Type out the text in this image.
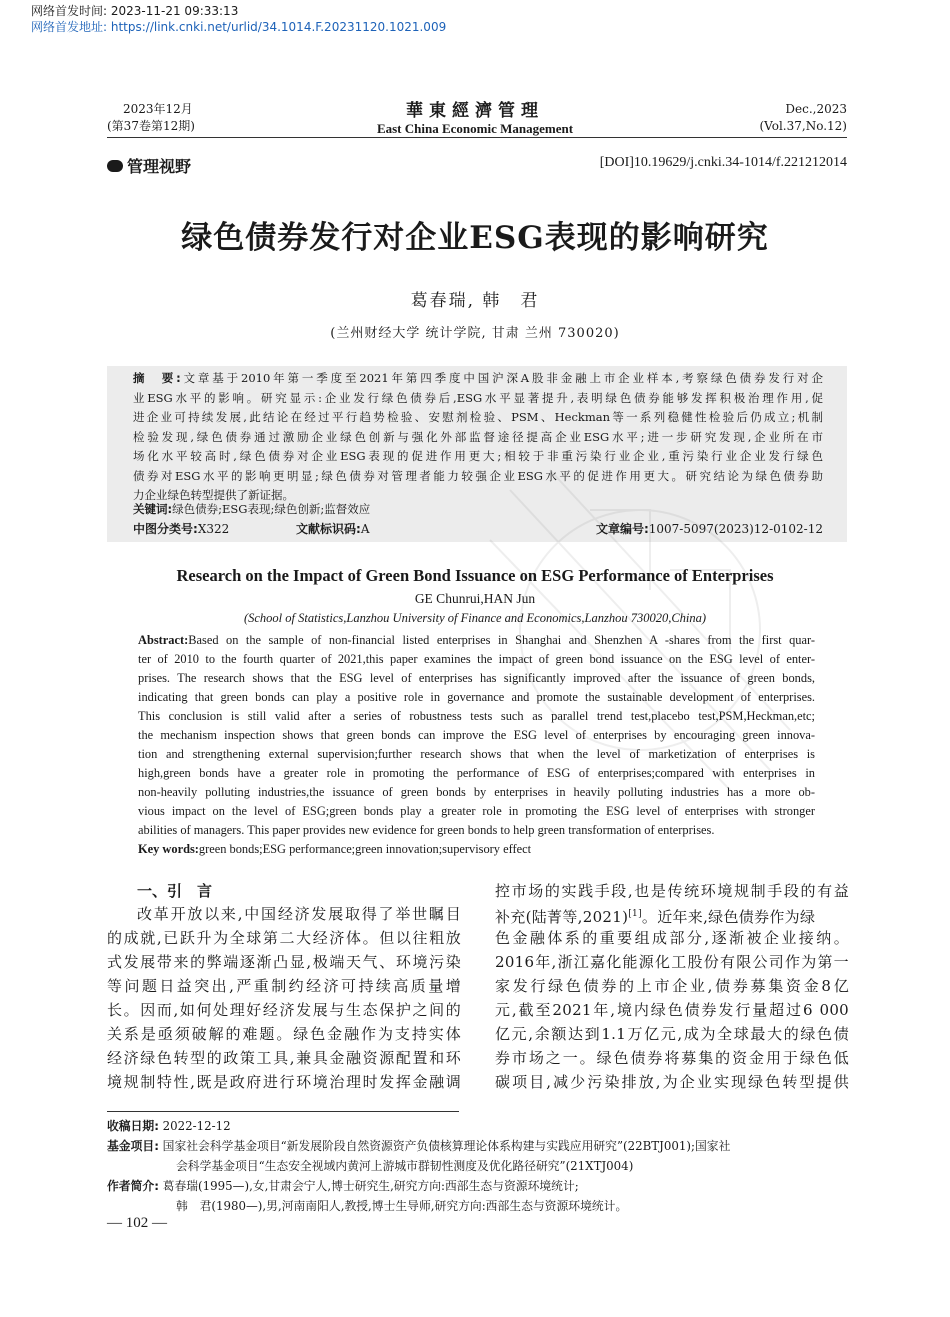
网络首发时间: 2023-11-21 09:33:13
网络首发地址: https://link.cnki.net/urlid/34.1014.F.20231120.1021.009
2023年12月
(第37卷第12期)
華東經濟管理
East China Economic Management
Dec.,2023
(Vol.37,No.12)
管理视野	[DOI]10.19629/j.cnki.34-1014/f.221212014
绿色债券发行对企业ESG表现的影响研究
葛春瑞, 韩　君
(兰州财经大学 统计学院, 甘肃 兰州 730020)
摘　要:文章基于2010年第一季度至2021年第四季度中国沪深A股非金融上市企业样本,考察绿色债券发行对企
业ESG水平的影响。研究显示:企业发行绿色债券后,ESG水平显著提升,表明绿色债券能够发挥积极治理作用,促
进企业可持续发展,此结论在经过平行趋势检验、安慰剂检验、PSM、Heckman等一系列稳健性检验后仍成立;机制
检验发现,绿色债券通过激励企业绿色创新与强化外部监督途径提高企业ESG水平;进一步研究发现,企业所在市
场化水平较高时,绿色债券对企业ESG表现的促进作用更大;相较于非重污染行业企业,重污染行业企业发行绿色
债券对ESG水平的影响更明显;绿色债券对管理者能力较强企业ESG水平的促进作用更大。研究结论为绿色债券助
力企业绿色转型提供了新证据。
关键词:绿色债券;ESG表现;绿色创新;监督效应
中图分类号:X322	文献标识码:A	文章编号:1007-5097(2023)12-0102-12
Research on the Impact of Green Bond Issuance on ESG Performance of Enterprises
GE Chunrui,HAN Jun
(School of Statistics,Lanzhou University of Finance and Economics,Lanzhou 730020,China)
Abstract:Based on the sample of non-financial listed enterprises in Shanghai and Shenzhen A -shares from the first quar-
ter of 2010 to the fourth quarter of 2021,this paper examines the impact of green bond issuance on the ESG level of enter-
prises. The research shows that the ESG level of enterprises has significantly improved after the issuance of green bonds,
indicating that green bonds can play a positive role in governance and promote the sustainable development of enterprises.
This conclusion is still valid after a series of robustness tests such as parallel trend test,placebo test,PSM,Heckman,etc;
the mechanism inspection shows that green bonds can improve the ESG level of enterprises by encouraging green innova-
tion and strengthening external supervision;further research shows that when the level of marketization of enterprises is
high,green bonds have a greater role in promoting the performance of ESG of enterprises;compared with enterprises in
non-heavily polluting industries,the issuance of green bonds by enterprises in heavily polluting industries has a more ob-
vious impact on the level of ESG;green bonds play a greater role in promoting the ESG level of enterprises with stronger
abilities of managers. This paper provides new evidence for green bonds to help green transformation of enterprises.
Key words:green bonds;ESG performance;green innovation;supervisory effect
一、引　言
改革开放以来,中国经济发展取得了举世瞩目
的成就,已跃升为全球第二大经济体。但以往粗放
式发展带来的弊端逐渐凸显,极端天气、环境污染
等问题日益突出,严重制约经济可持续高质量增
长。因而,如何处理好经济发展与生态保护之间的
关系是亟须破解的难题。绿色金融作为支持实体
经济绿色转型的政策工具,兼具金融资源配置和环
境规制特性,既是政府进行环境治理时发挥金融调
控市场的实践手段,也是传统环境规制手段的有益
补充(陆菁等,2021)[1]。近年来,绿色债券作为绿
色金融体系的重要组成部分,逐渐被企业接纳。
2016年,浙江嘉化能源化工股份有限公司作为第一
家发行绿色债券的上市企业,债券募集资金8亿
元,截至2021年,境内绿色债券发行量超过6 000
亿元,余额达到1.1万亿元,成为全球最大的绿色债
券市场之一。绿色债券将募集的资金用于绿色低
碳项目,减少污染排放,为企业实现绿色转型提供
收稿日期: 2022-12-12
基金项目: 国家社会科学基金项目“新发展阶段自然资源资产负债核算理论体系构建与实践应用研究”(22BTJ001);国家社
会科学基金项目“生态安全视域内黄河上游城市群韧性测度及优化路径研究”(21XTJ004)
作者简介: 葛春瑞(1995—),女,甘肃会宁人,博士研究生,研究方向:西部生态与资源环境统计;
韩　君(1980—),男,河南南阳人,教授,博士生导师,研究方向:西部生态与资源环境统计。
— 102 —
